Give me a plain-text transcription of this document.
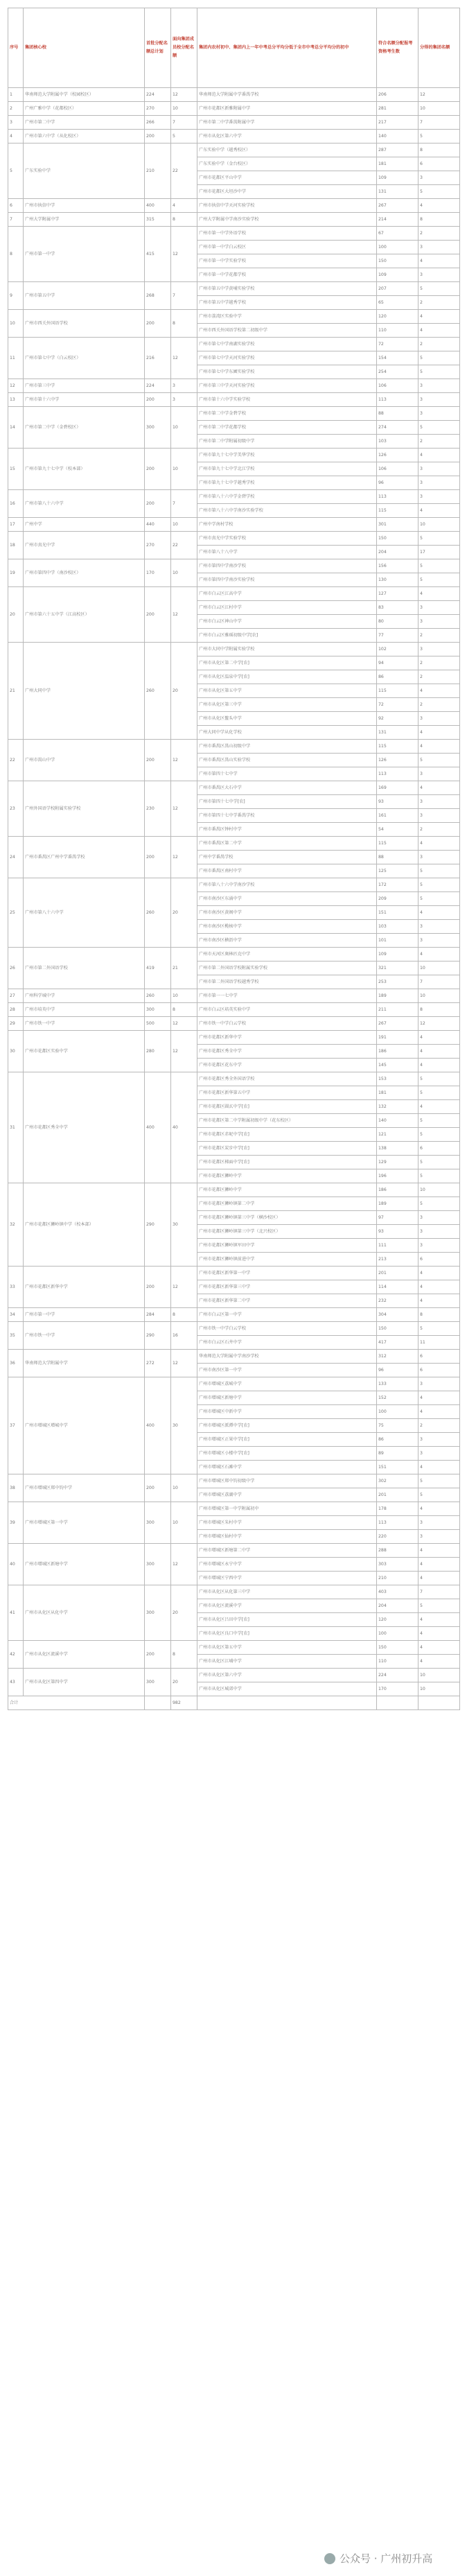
序号	集团核心校	首批分配名额总计划	面向集团成员校分配名额	集团内农村初中、集团内上一年中考总分平均分低于全市中考总分平均分的初中	符合名额分配报考资格考生数	分得的集团名额
1	华南师范大学附属中学（校园校区）	224	12	华南师范大学附属中学番禺学校	206	12
2	广州广雅中学（花都校区）	270	10	广州市花都区新雅附属中学	281	10
3	广州市第二中学	266	7	广州市第二中学番禺附属中学	217	7
4	广州市第六中学（从化校区）	200	5	广州市从化区第六中学	140	5
5	广东实验中学	210	22	广东实验中学（越秀校区）	287	8
				广东实验中学（金台校区）	181	6
				广州市花都区平山中学	109	3
				广州市花都区大坦沙中学	131	5
6	广州市执信中学	400	4	广州市执信中学天河实验学校	267	4
7	广州大学附属中学	315	8	广州大学附属中学南沙实验学校	214	8
8	广州市第一中学	415	12	广州市第一中学外语学校	67	2
				广州市第一中学白云校区	100	3
				广州市第一中学实验学校	150	4
				广州市第一中学花都学校	109	3
9	广州市第五中学	268	7	广州市第五中学黄埔实验学校	207	5
				广州市第五中学越秀学校	65	2
10	广州市西关外国语学校	200	8	广州市荔湾区实验中学	120	4
				广州市西关外国语学校第二初级中学	110	4
11	广州市第七中学（白云校区）	216	12	广州市第七中学南湖实验学校	72	2
				广州市第七中学天河实验学校	154	5
				广州市第七中学东圃实验学校	254	5
12	广州市第三中学	224	3	广州市第三中学天河实验学校	106	3
13	广州市第十六中学	200	3	广州市第十六中学实验学校	113	3
14	广州市第二中学（金碧校区）	300	10	广州市第二中学金碧学校	88	3
				广州市第二中学花都学校	274	5
				广州市第二中学附属初级中学	103	2
15	广州市第九十七中学（校本部）	200	10	广州市第九十七中学美华学校	126	4
				广州市第九十七中学北江学校	106	3
				广州市第九十七中学越秀学校	96	3
16	广州市第八十六中学	200	7	广州市第八十六中学金碧学校	113	3
				广州市第八十六中学南沙实验学校	115	4
17	广州中学	440	10	广州中学南村学校	301	10
18	广州市真光中学	270	22	广州市真光中学实验学校	150	5
				广州市第八十八中学	204	17
19	广州市第四中学（南沙校区）	170	10	广州市第四中学南沙学校	156	5
				广州市第四中学南沙实验学校	130	5
20	广州市第六十五中学（江高校区）	200	12	广州市白云区江高中学	127	4
				广州市白云区江村中学	83	3
				广州市白云区神山中学	80	3
				广州市白云区雅瑶初级中学[农]	77	2
21	广州大同中学	260	20	广州市大同中学附属实验学校	102	3
				广州市从化区第二中学[农]	94	2
				广州市从化区温泉中学[农]	86	2
				广州市从化区第五中学	115	4
				广州市从化区第三中学	72	2
				广州市从化区鳌头中学	92	3
				广州大同中学从化学校	131	4
22	广州市禺山中学	200	12	广州市番禺区禺山初级中学	115	4
				广州市番禺区禺山实验学校	126	5
				广州市第四十七中学	113	3
23	广州外国语学校附属实验学校	230	12	广州市番禺区大石中学	169	4
				广州市第四十七中学[农]	93	3
				广州市第四十七中学番禺学校	161	3
				广州市番禺区钟村中学	54	2
24	广州市番禺区广州中学番禺学校	200	12	广州市番禺区第二中学	115	4
				广州中学番禺学校	88	3
				广州市番禺区南村中学	125	5
25	广州市第八十六中学	260	20	广州市第八十六中学南沙学校	172	5
				广州市南沙区东涌中学	209	5
				广州市南沙区黄阁中学	151	4
				广州市南沙区榄核中学	103	3
				广州市南沙区横沥中学	101	3
26	广州市第二外国语学校	419	21	广州市天河区奥林匹克中学	109	4
				广州市第二外国语学校附属实验学校	321	10
				广州市第二外国语学校越秀学校	253	7
27	广州科学城中学	260	10	广州市第一一七中学	189	10
28	广州市培英中学	300	8	广州市白云区培英实验中学	211	8
29	广州市铁一中学	500	12	广州市铁一中学白云学校	267	12
30	广州市花都区实验中学	280	12	广州市花都区新华中学	191	4
				广州市花都区秀全中学	186	4
				广州市花都区花东中学	145	4
31	广州市花都区秀全中学	400	40	广州市花都区秀全外国语学校	153	5
				广州市花都区新华第五中学	181	5
				广州市花都区圆玄中学[农]	132	4
				广州市花都区第二中学附属初级中学（花东校区）	140	5
				广州市花都区赤坭中学[农]	121	5
				广州市花都区炭步中学[农]	138	6
				广州市花都区梯面中学[农]	129	5
				广州市花都区狮岭中学	196	5
32	广州市花都区狮岭镇中学（校本部）	290	30	广州市花都区狮岭中学	186	10
				广州市花都区狮岭镇第二中学	189	5
				广州市花都区狮岭镇第三中学（横沙校区）	97	3
				广州市花都区狮岭镇第三中学（北兴校区）	93	3
				广州市花都区狮岭镇军田中学	111	3
				广州市花都区狮岭镇前进中学	213	6
33	广州市花都区新华中学	200	12	广州市花都区新华第一中学	201	4
				广州市花都区新华第三中学	114	4
				广州市花都区新华第二中学	232	4
34	广州市第一中学	284	8	广州市白云区第一中学	304	8
35	广州市铁一中学	290	16	广州市铁一中学白云学校	150	5
				广州市白云区石井中学	417	11
36	华南师范大学附属中学	272	12	华南师范大学附属中学南沙学校	312	6
				广州市南沙区第一中学	96	6
37	广州市增城区增城中学	400	30	广州市增城区荔城中学	133	3
				广州市增城区新塘中学	152	4
				广州市增城区中新中学	100	4
				广州市增城区派潭中学[农]	75	2
				广州市增城区正果中学[农]	86	3
				广州市增城区小楼中学[农]	89	3
				广州市增城区石滩中学	151	4
38	广州市增城区郑中钧中学	200	10	广州市增城区郑中钧初级中学	302	5
				广州市增城区荔湖中学	201	5
39	广州市增城区第一中学	300	10	广州市增城区第一中学附属初中	178	4
				广州市增城区朱村中学	113	3
				广州市增城区仙村中学	220	3
40	广州市增城区新塘中学	300	12	广州市增城区新塘第二中学	288	4
				广州市增城区永宁中学	303	4
				广州市增城区宁西中学	210	4
41	广州市从化区从化中学	300	20	广州市从化区从化第三中学	403	7
				广州市从化区流溪中学	204	5
				广州市从化区吕田中学[农]	120	4
				广州市从化区良口中学[农]	100	4
42	广州市从化区流溪中学	200	8	广州市从化区第五中学	150	4
				广州市从化区江埔中学	110	4
43	广州市从化区第四中学	300	20	广州市从化区第六中学	224	10
				广州市从化区城郊中学	170	10
合计			982			
公众号 · 广州初升高
